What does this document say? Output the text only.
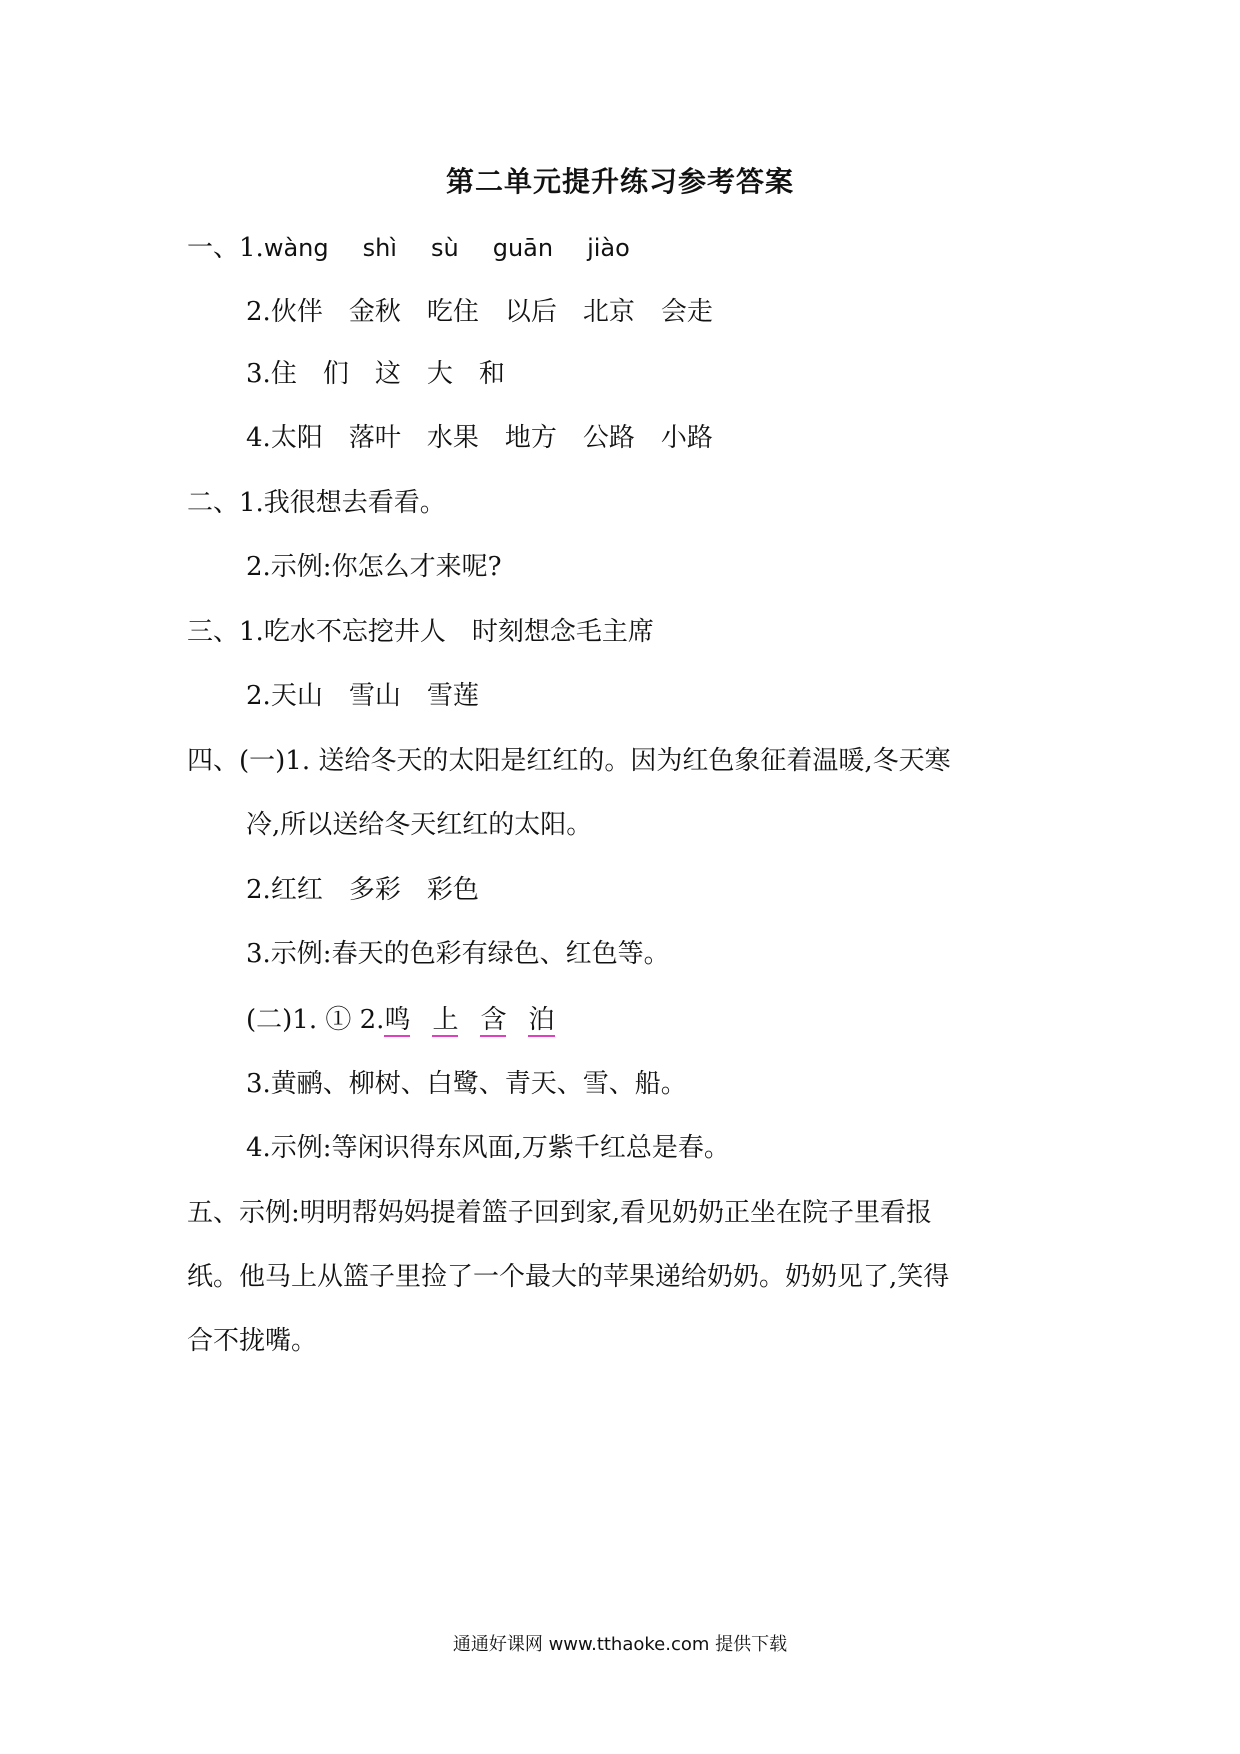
第二单元提升练习参考答案
一、1.wàng shì sù guān jiào
2.伙伴 金秋 吃住 以后 北京 会走
3.住 们 这 大 和
4.太阳 落叶 水果 地方 公路 小路
二、1.我很想去看看。
2.示例:你怎么才来呢?
三、1.吃水不忘挖井人 时刻想念毛主席
2.天山 雪山 雪莲
四、(一)1. 送给冬天的太阳是红红的。因为红色象征着温暖,冬天寒
冷,所以送给冬天红红的太阳。
2.红红 多彩 彩色
3.示例:春天的色彩有绿色、红色等。
(二)1. ① 2.鸣 上 含 泊
3.黄鹂、柳树、白鹭、青天、雪、船。
4.示例:等闲识得东风面,万紫千红总是春。
五、示例:明明帮妈妈提着篮子回到家,看见奶奶正坐在院子里看报
纸。他马上从篮子里捡了一个最大的苹果递给奶奶。奶奶见了,笑得
合不拢嘴。
通通好课网 www.tthaoke.com 提供下载
